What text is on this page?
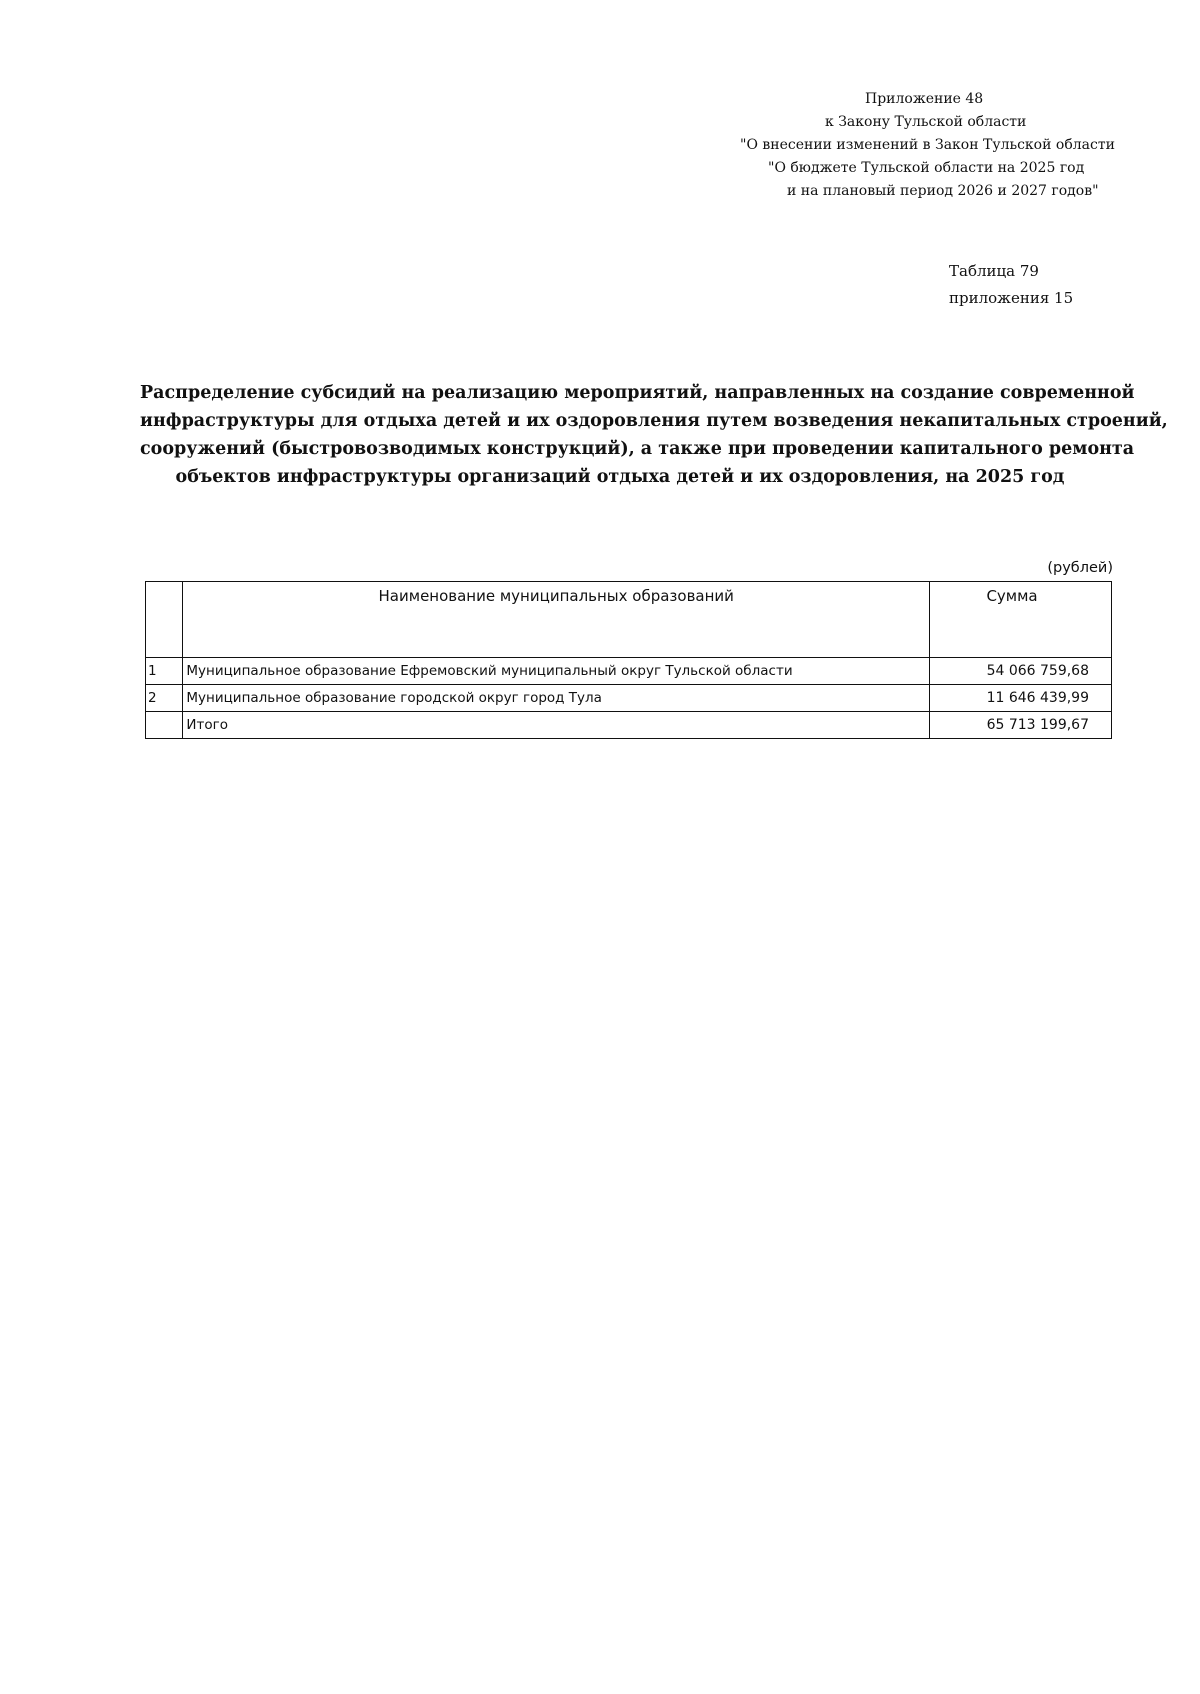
Приложение 48
к Закону Тульской области
"О внесении изменений в Закон Тульской области
"О бюджете Тульской области на 2025 год
и на плановый период 2026 и 2027 годов"
Таблица 79
приложения 15
Распределение субсидий на реализацию мероприятий, направленных на создание современной
инфраструктуры для отдыха детей и их оздоровления путем возведения некапитальных строений,
сооружений (быстровозводимых конструкций), а также при проведении капитального ремонта
объектов инфраструктуры организаций отдыха детей и их оздоровления, на 2025 год
(рублей)
	Наименование муниципальных образований	Сумма
1	Муниципальное образование Ефремовский муниципальный округ Тульской области	54 066 759,68
2	Муниципальное образование городской округ город Тула	11 646 439,99
	Итого	65 713 199,67
